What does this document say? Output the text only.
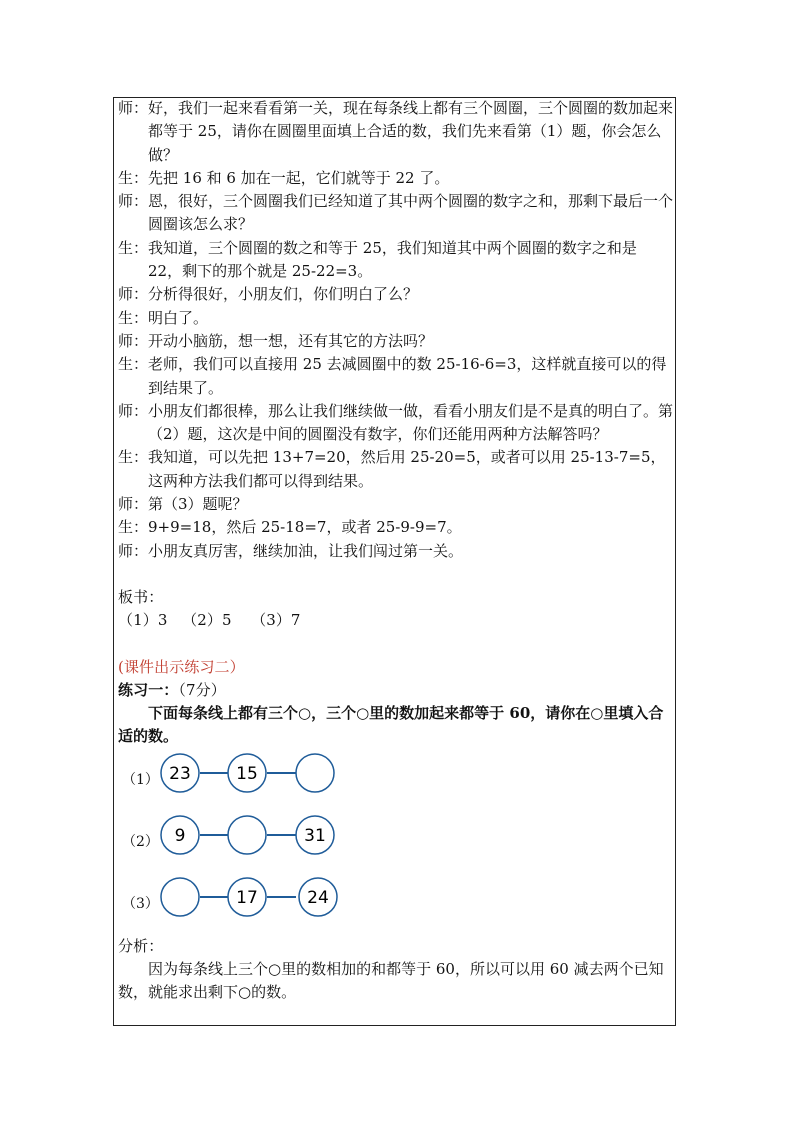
师： 好，我们一起来看看第一关，现在每条线上都有三个圆圈，三个圆圈的数加起来都等于 25，请你在圆圈里面填上合适的数，我们先来看第（1）题，你会怎么做？
生： 先把 16 和 6 加在一起，它们就等于 22 了。
师： 恩，很好，三个圆圈我们已经知道了其中两个圆圈的数字之和，那剩下最后一个圆圈该怎么求？
生： 我知道，三个圆圈的数之和等于 25，我们知道其中两个圆圈的数字之和是 22，剩下的那个就是 25-22=3。
师： 分析得很好，小朋友们，你们明白了么？
生： 明白了。
师： 开动小脑筋，想一想，还有其它的方法吗？
生： 老师，我们可以直接用 25 去减圆圈中的数 25-16-6=3，这样就直接可以的得到结果了。
师： 小朋友们都很棒，那么让我们继续做一做，看看小朋友们是不是真的明白了。第（2）题，这次是中间的圆圈没有数字，你们还能用两种方法解答吗？
生： 我知道，可以先把 13+7=20，然后用 25-20=5，或者可以用 25-13-7=5，这两种方法我们都可以得到结果。
师： 第（3）题呢？
生： 9+9=18，然后 25-18=7，或者 25-9-9=7。
师： 小朋友真厉害，继续加油，让我们闯过第一关。
板书：
（1）3 （2）5 （3）7
(课件出示练习二）
练习一：（7分）
下面每条线上都有三个○，三个○里的数加起来都等于 60，请你在○里填入合适的数。
（1） 23	15
（2） 9	31
（3）	17	24
分析：
因为每条线上三个○里的数相加的和都等于 60，所以可以用 60 减去两个已知数，就能求出剩下○的数。
